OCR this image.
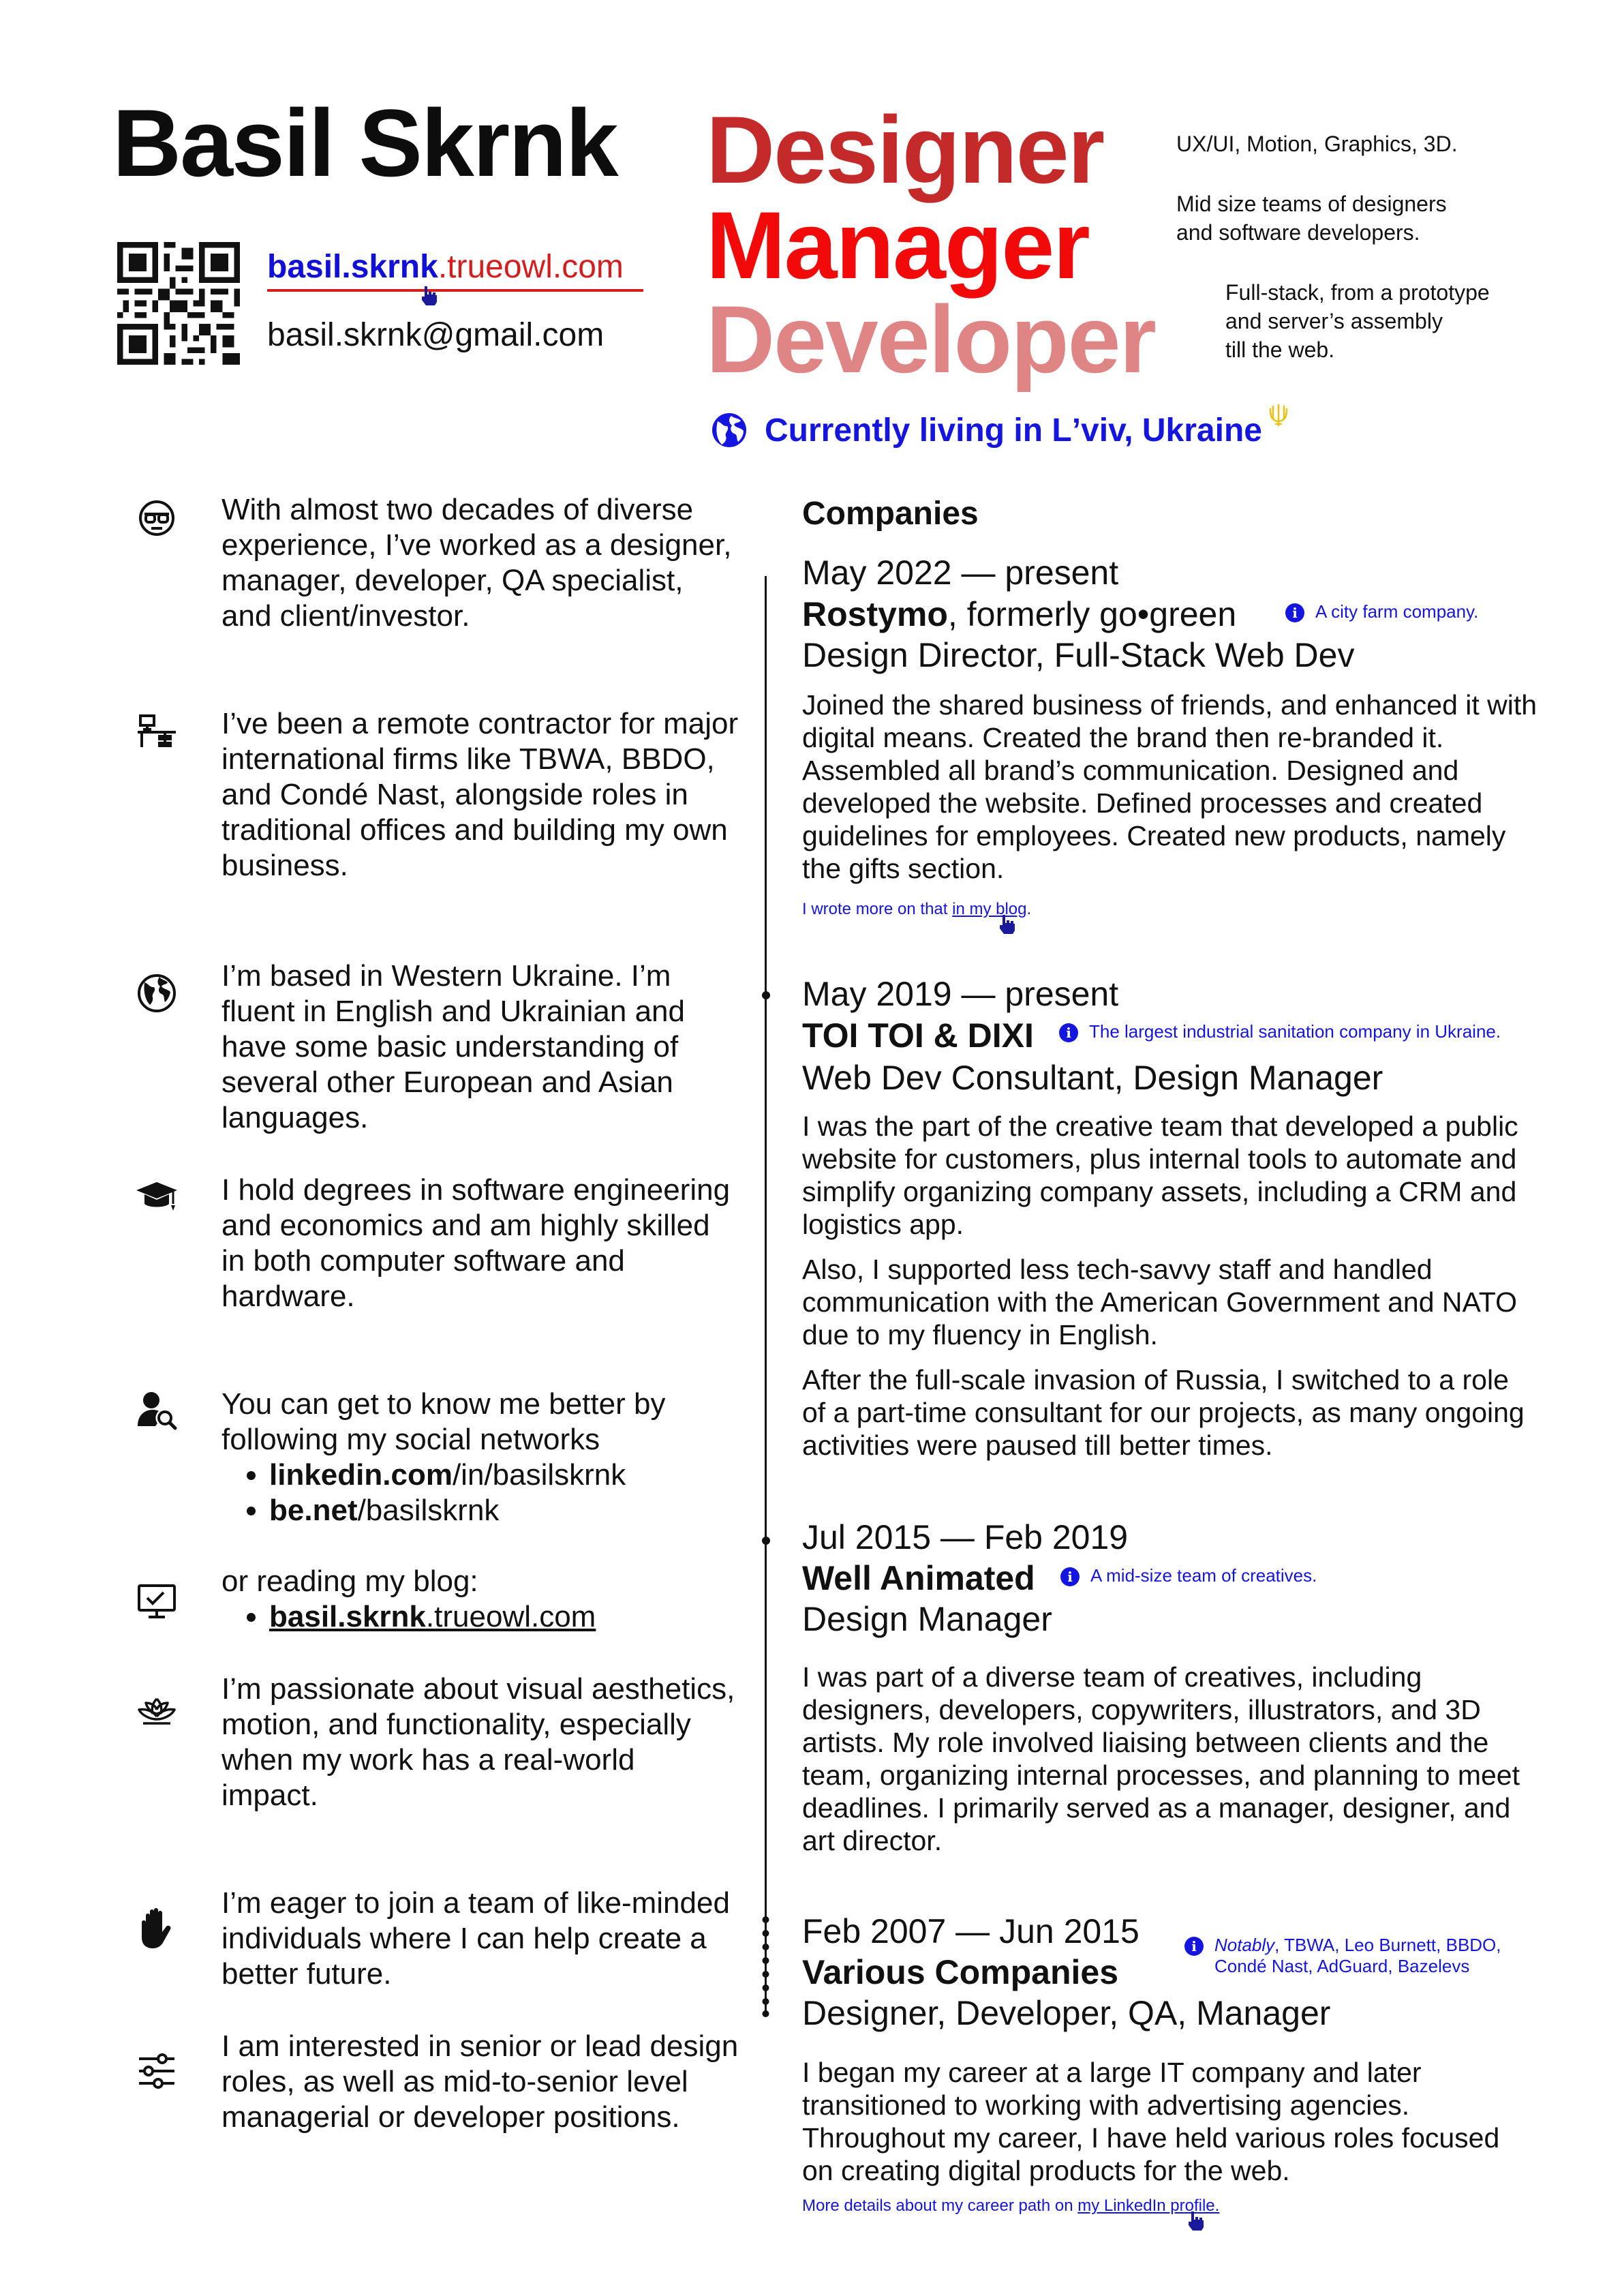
Basil Skrnk
basil.skrnk.trueowl.com
basil.skrnk@gmail.com
Designer
Manager
Developer
UX/UI, Motion, Graphics, 3D.
Mid size teams of designers
and software developers.
Full-stack, from a prototype
and server’s assembly
till the web.
Currently living in Lʼviv, Ukraine
With almost two decades of diverse experience, I’ve worked as a designer, manager, developer, QA specialist, and client/investor.
I’ve been a remote contractor for major international firms like TBWA, BBDO, and Condé Nast, alongside roles in traditional offices and building my own business.
I’m based in Western Ukraine. I’m fluent in English and Ukrainian and have some basic understanding of several other European and Asian languages.
I hold degrees in software engineering and economics and am highly skilled in both computer software and hardware.
You can get to know me better by following my social networks
• linkedin.com/in/basilskrnk
• be.net/basilskrnk
or reading my blog:
• basil.skrnk.trueowl.com
I’m passionate about visual aesthetics, motion, and functionality, especially when my work has a real-world impact.
I’m eager to join a team of like-minded individuals where I can help create a better future.
I am interested in senior or lead design roles, as well as mid-to-senior level managerial or developer positions.
Companies
May 2022 — present
Rostymo, formerly go•green	i A city farm company.
Design Director, Full-Stack Web Dev

Joined the shared business of friends, and enhanced it with digital means. Created the brand then re-branded it. Assembled all brand’s communication. Designed and developed the website. Defined processes and created guidelines for employees. Created new products, namely the gifts section.

I wrote more on that in my blog.
May 2019 — present
TOI TOI & DIXI	i The largest industrial sanitation company in Ukraine.
Web Dev Consultant, Design Manager

I was the part of the creative team that developed a public website for customers, plus internal tools to automate and simplify organizing company assets, including a CRM and logistics app.

Also, I supported less tech-savvy staff and handled communication with the American Government and NATO due to my fluency in English.

After the full-scale invasion of Russia, I switched to a role of a part-time consultant for our projects, as many ongoing activities were paused till better times.

Jul 2015 — Feb 2019
Well Animated	i A mid-size team of creatives.
Design Manager

I was part of a diverse team of creatives, including designers, developers, copywriters, illustrators, and 3D artists. My role involved liaising between clients and the team, organizing internal processes, and planning to meet deadlines. I primarily served as a manager, designer, and art director.

Feb 2007 — Jun 2015
Various Companies
i Notably, TBWA, Leo Burnett, BBDO,
Condé Nast, AdGuard, Bazelevs
Designer, Developer, QA, Manager

I began my career at a large IT company and later transitioned to working with advertising agencies. Throughout my career, I have held various roles focused on creating digital products for the web.

More details about my career path on my LinkedIn profile.
